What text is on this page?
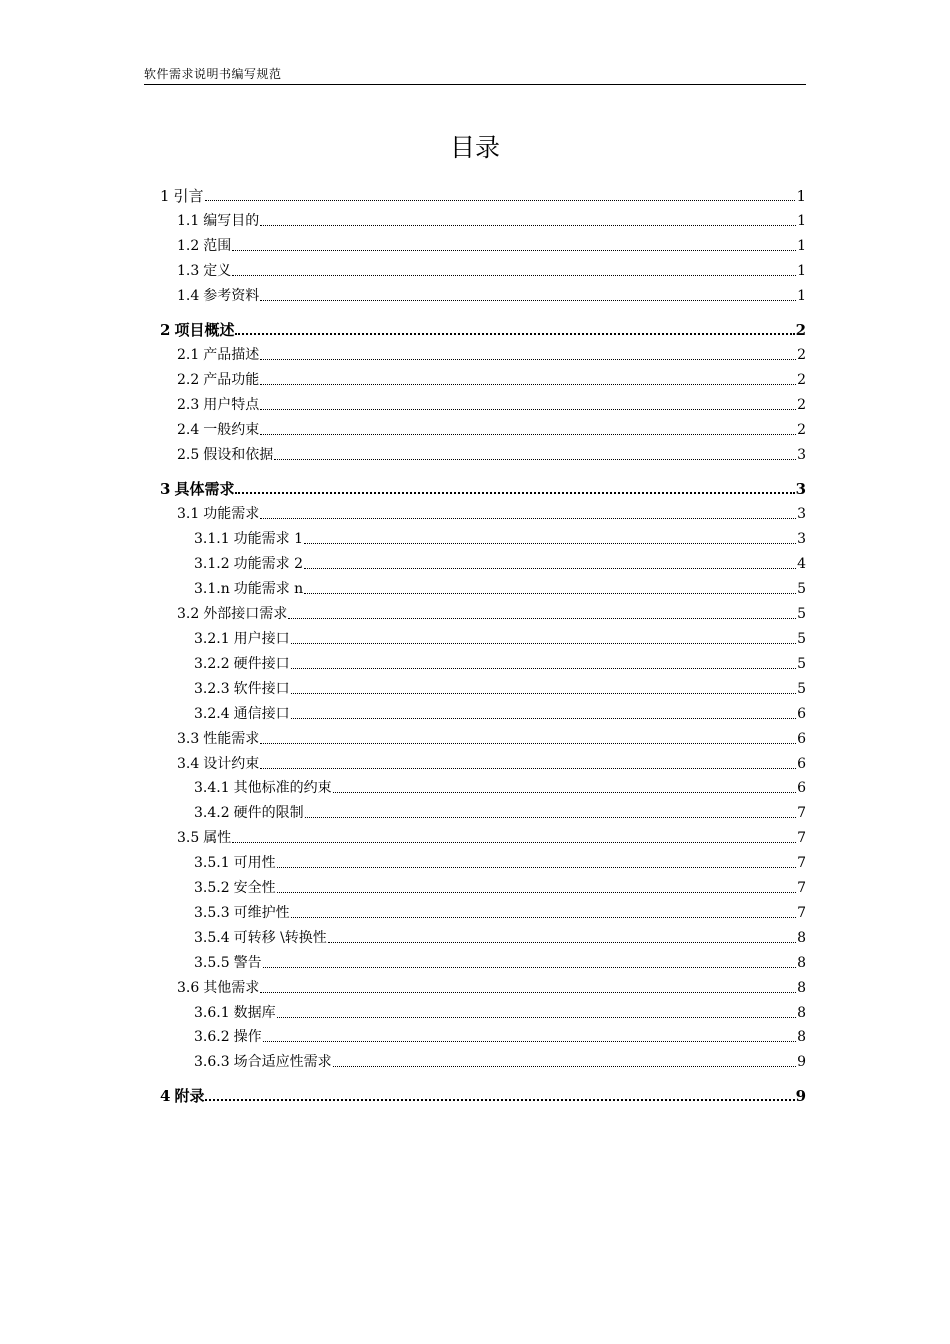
软件需求说明书编写规范
目录
1 引言	1
1.1 编写目的	1
1.2 范围	1
1.3 定义	1
1.4 参考资料	1
2 项目概述	2
2.1 产品描述	2
2.2 产品功能	2
2.3 用户特点	2
2.4 一般约束	2
2.5 假设和依据	3
3 具体需求	3
3.1 功能需求	3
3.1.1 功能需求 1	3
3.1.2 功能需求 2	4
3.1.n 功能需求 n	5
3.2 外部接口需求	5
3.2.1 用户接口	5
3.2.2 硬件接口	5
3.2.3 软件接口	5
3.2.4 通信接口	6
3.3 性能需求	6
3.4 设计约束	6
3.4.1 其他标准的约束	6
3.4.2 硬件的限制	7
3.5 属性	7
3.5.1 可用性	7
3.5.2 安全性	7
3.5.3 可维护性	7
3.5.4 可转移 \转换性	8
3.5.5 警告	8
3.6 其他需求	8
3.6.1 数据库	8
3.6.2 操作	8
3.6.3 场合适应性需求	9
4 附录	9
